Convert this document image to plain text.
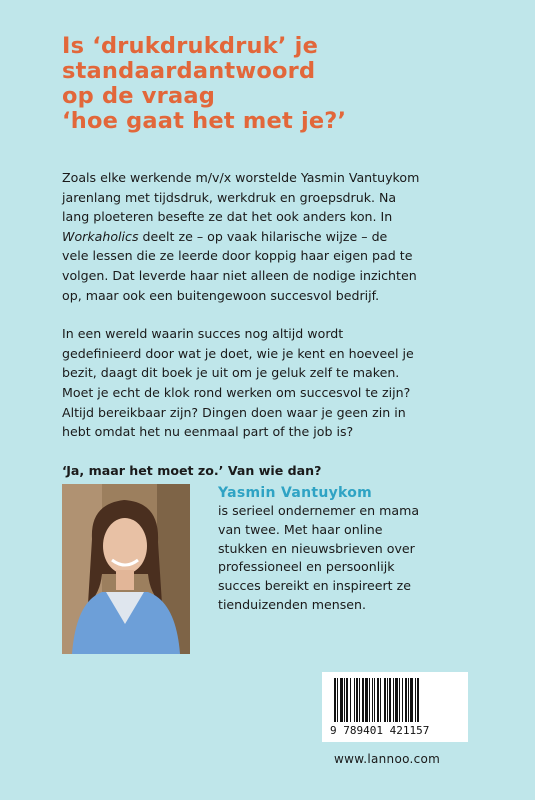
Is ‘drukdrukdruk’ je
standaardantwoord
op de vraag
‘hoe gaat het met je?’
Zoals elke werkende m/v/x worstelde Yasmin Vantuykom
jarenlang met tijdsdruk, werkdruk en groepsdruk. Na
lang ploeteren besefte ze dat het ook anders kon. In
Workaholics deelt ze – op vaak hilarische wijze – de
vele lessen die ze leerde door koppig haar eigen pad te
volgen. Dat leverde haar niet alleen de nodige inzichten
op, maar ook een buitengewoon succesvol bedrijf.
In een wereld waarin succes nog altijd wordt
gedefinieerd door wat je doet, wie je kent en hoeveel je
bezit, daagt dit boek je uit om je geluk zelf te maken.
Moet je echt de klok rond werken om succesvol te zijn?
Altijd bereikbaar zijn? Dingen doen waar je geen zin in
hebt omdat het nu eenmaal part of the job is?
‘Ja, maar het moet zo.’ Van wie dan?
Yasmin Vantuykom
is serieel ondernemer en mama
van twee. Met haar online
stukken en nieuwsbrieven over
professioneel en persoonlijk
succes bereikt en inspireert ze
tienduizenden mensen.
9 789401 421157
www.lannoo.com
